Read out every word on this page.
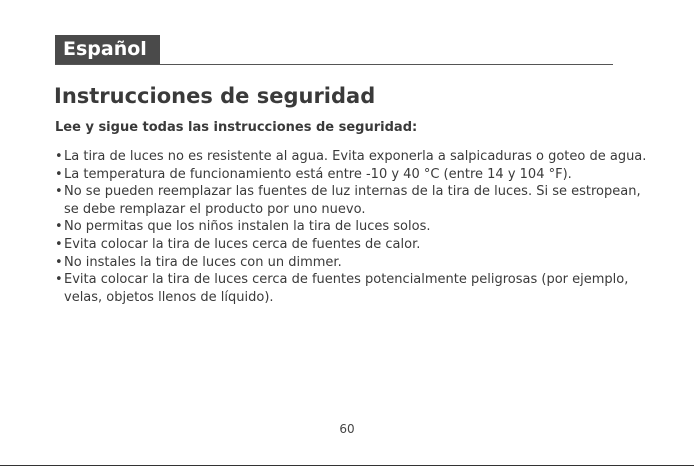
Español
Instrucciones de seguridad

Lee y sigue todas las instrucciones de seguridad:

• La tira de luces no es resistente al agua. Evita exponerla a salpicaduras o goteo de agua.
• La temperatura de funcionamiento está entre -10 y 40 °C (entre 14 y 104 °F).
• No se pueden reemplazar las fuentes de luz internas de la tira de luces. Si se estropean, se debe remplazar el producto por uno nuevo.
• No permitas que los niños instalen la tira de luces solos.
• Evita colocar la tira de luces cerca de fuentes de calor.
• No instales la tira de luces con un dimmer.
• Evita colocar la tira de luces cerca de fuentes potencialmente peligrosas (por ejemplo, velas, objetos llenos de líquido).
60
